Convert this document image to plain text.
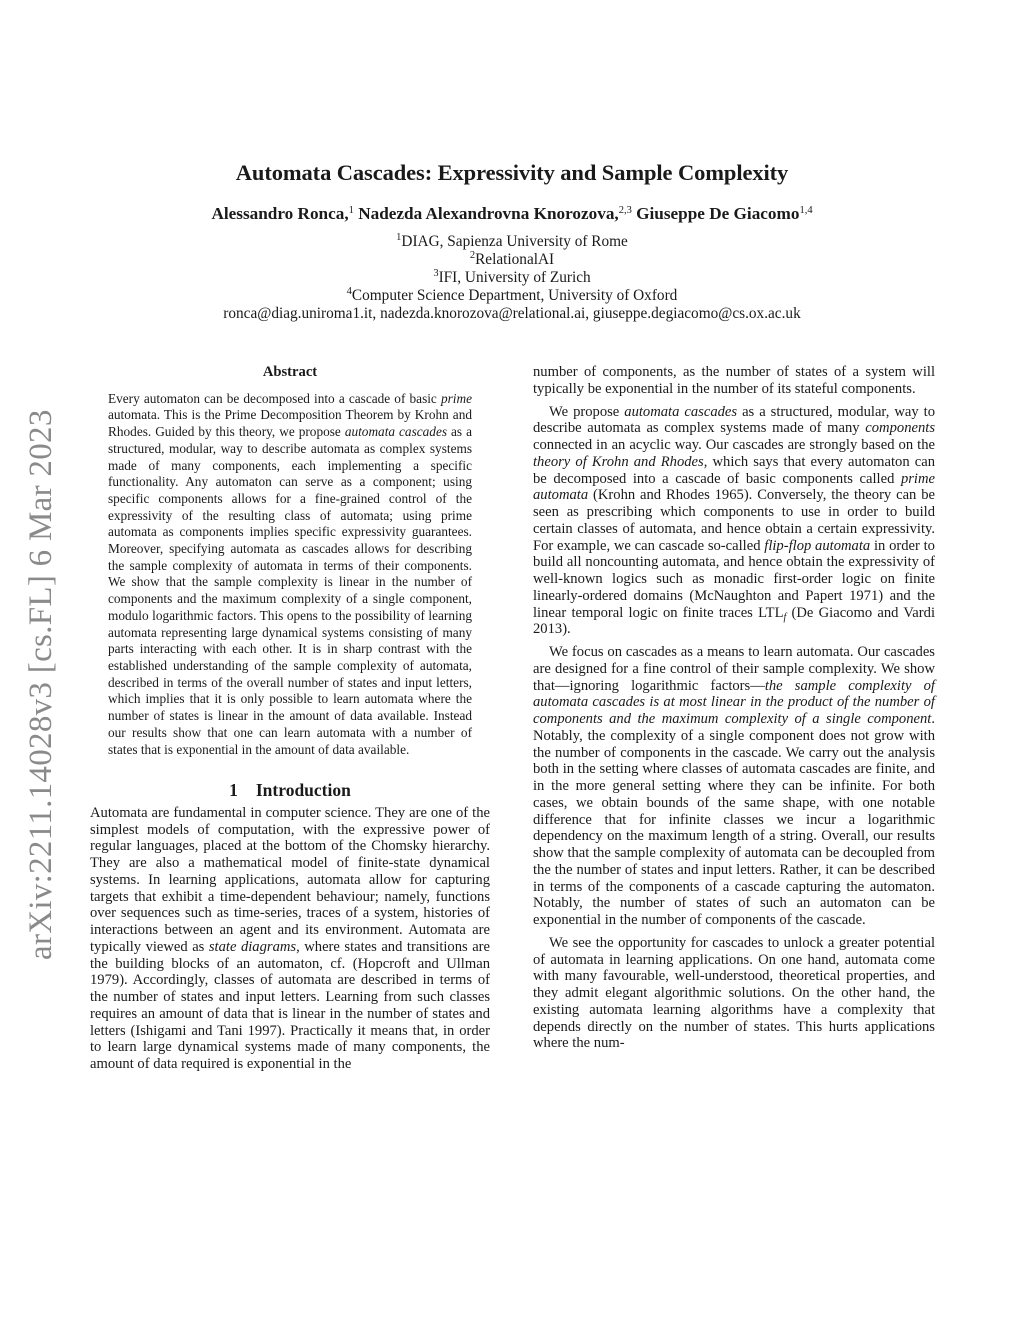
arXiv:2211.14028v3 [cs.FL] 6 Mar 2023
Automata Cascades: Expressivity and Sample Complexity
Alessandro Ronca,$^1$ Nadezda Alexandrovna Knorozova,$^{2,3}$ Giuseppe De Giacomo$^{1,4}$
$^1$DIAG, Sapienza University of Rome
$^2$RelationalAI
$^3$IFI, University of Zurich
$^4$Computer Science Department, University of Oxford
ronca@diag.uniroma1.it, nadezda.knorozova@relational.ai, giuseppe.degiacomo@cs.ox.ac.uk
Abstract

Every automaton can be decomposed into a cascade of basic prime automata. This is the Prime Decomposition Theorem by Krohn and Rhodes. Guided by this theory, we propose automata cascades as a structured, modular, way to describe automata as complex systems made of many components, each implementing a specific functionality. Any automaton can serve as a component; using specific components allows for a fine-grained control of the expressivity of the resulting class of automata; using prime automata as components implies specific expressivity guarantees. Moreover, specifying automata as cascades allows for describing the sample complexity of automata in terms of their components. We show that the sample complexity is linear in the number of components and the maximum complexity of a single component, modulo logarithmic factors. This opens to the possibility of learning automata representing large dynamical systems consisting of many parts interacting with each other. It is in sharp contrast with the established understanding of the sample complexity of automata, described in terms of the overall number of states and input letters, which implies that it is only possible to learn automata where the number of states is linear in the amount of data available. Instead our results show that one can learn automata with a number of states that is exponential in the amount of data available.

1 Introduction

Automata are fundamental in computer science. They are one of the simplest models of computation, with the expressive power of regular languages, placed at the bottom of the Chomsky hierarchy. They are also a mathematical model of finite-state dynamical systems. In learning applications, automata allow for capturing targets that exhibit a time-dependent behaviour; namely, functions over sequences such as time-series, traces of a system, histories of interactions between an agent and its environment. Automata are typically viewed as state diagrams, where states and transitions are the building blocks of an automaton, cf. (Hopcroft and Ullman 1979). Accordingly, classes of automata are described in terms of the number of states and input letters. Learning from such classes requires an amount of data that is linear in the number of states and letters (Ishigami and Tani 1997). Practically it means that, in order to learn large dynamical systems made of many components, the amount of data required is exponential in the

number of components, as the number of states of a system will typically be exponential in the number of its stateful components.

We propose automata cascades as a structured, modular, way to describe automata as complex systems made of many components connected in an acyclic way. Our cascades are strongly based on the theory of Krohn and Rhodes, which says that every automaton can be decomposed into a cascade of basic components called prime automata (Krohn and Rhodes 1965). Conversely, the theory can be seen as prescribing which components to use in order to build certain classes of automata, and hence obtain a certain expressivity. For example, we can cascade so-called flip-flop automata in order to build all noncounting automata, and hence obtain the expressivity of well-known logics such as monadic first-order logic on finite linearly-ordered domains (McNaughton and Papert 1971) and the linear temporal logic on finite traces $LTL_f$ (De Giacomo and Vardi 2013).

We focus on cascades as a means to learn automata. Our cascades are designed for a fine control of their sample complexity. We show that—ignoring logarithmic factors—the sample complexity of automata cascades is at most linear in the product of the number of components and the maximum complexity of a single component. Notably, the complexity of a single component does not grow with the number of components in the cascade. We carry out the analysis both in the setting where classes of automata cascades are finite, and in the more general setting where they can be infinite. For both cases, we obtain bounds of the same shape, with one notable difference that for infinite classes we incur a logarithmic dependency on the maximum length of a string. Overall, our results show that the sample complexity of automata can be decoupled from the the number of states and input letters. Rather, it can be described in terms of the components of a cascade capturing the automaton. Notably, the number of states of such an automaton can be exponential in the number of components of the cascade.

We see the opportunity for cascades to unlock a greater potential of automata in learning applications. On one hand, automata come with many favourable, well-understood, theoretical properties, and they admit elegant algorithmic solutions. On the other hand, the existing automata learning algorithms have a complexity that depends directly on the number of states. This hurts applications where the num-
